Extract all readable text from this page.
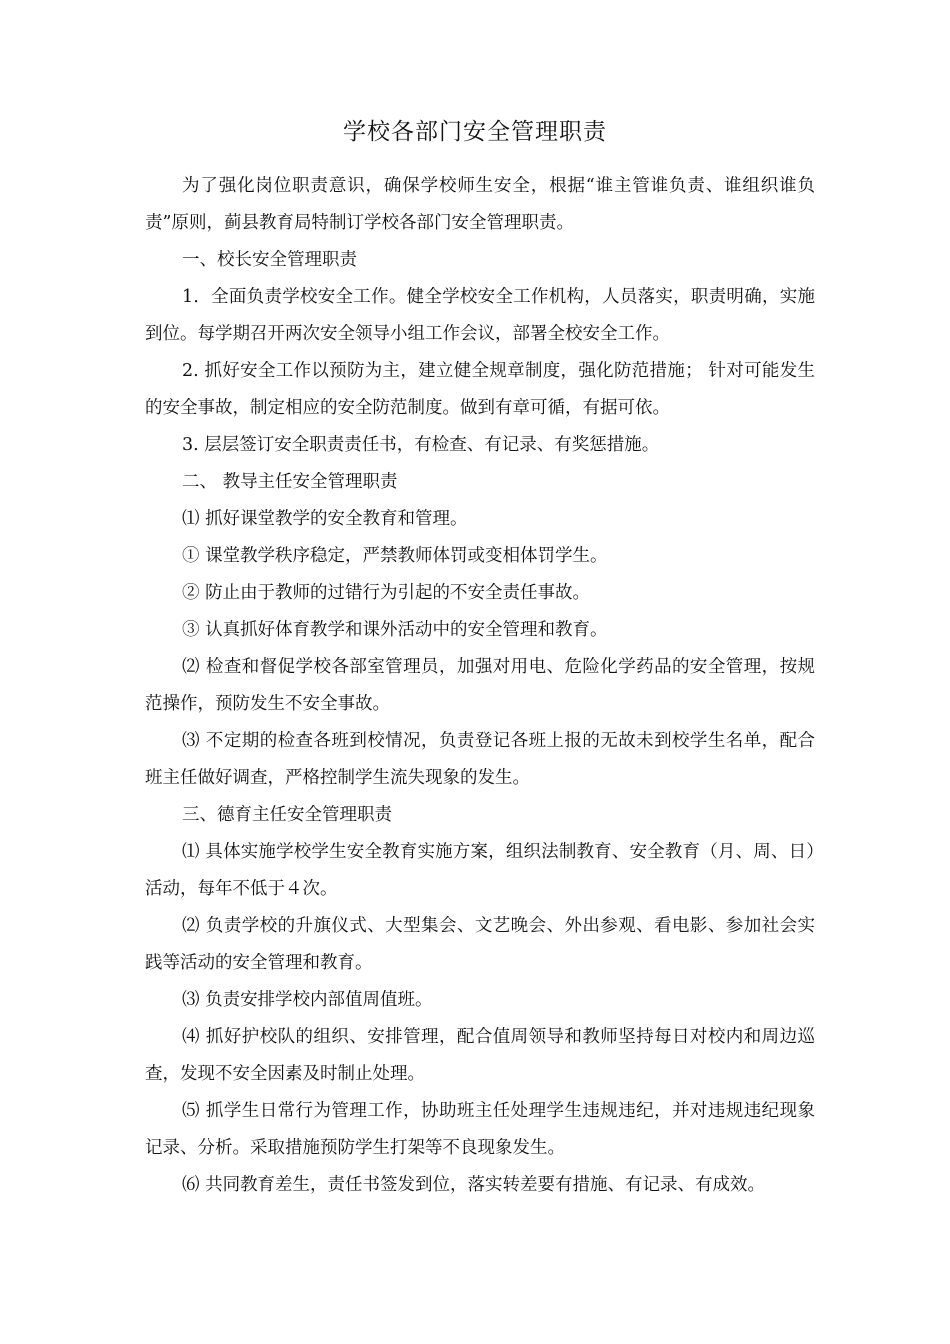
学校各部门安全管理职责

为了强化岗位职责意识，确保学校师生安全，根据“谁主管谁负责、谁组织谁负责”原则，蓟县教育局特制订学校各部门安全管理职责。

一、校长安全管理职责

1．全面负责学校安全工作。健全学校安全工作机构，人员落实，职责明确，实施到位。每学期召开两次安全领导小组工作会议，部署全校安全工作。

2. 抓好安全工作以预防为主，建立健全规章制度，强化防范措施； 针对可能发生的安全事故，制定相应的安全防范制度。做到有章可循，有据可依。

3. 层层签订安全职责责任书，有检查、有记录、有奖惩措施。

二、 教导主任安全管理职责

⑴ 抓好课堂教学的安全教育和管理。

① 课堂教学秩序稳定，严禁教师体罚或变相体罚学生。

② 防止由于教师的过错行为引起的不安全责任事故。

③ 认真抓好体育教学和课外活动中的安全管理和教育。

⑵ 检查和督促学校各部室管理员，加强对用电、危险化学药品的安全管理，按规范操作，预防发生不安全事故。

⑶ 不定期的检查各班到校情况，负责登记各班上报的无故未到校学生名单，配合班主任做好调查，严格控制学生流失现象的发生。

三、德育主任安全管理职责

⑴ 具体实施学校学生安全教育实施方案，组织法制教育、安全教育（月、周、日）活动，每年不低于４次。

⑵ 负责学校的升旗仪式、大型集会、文艺晚会、外出参观、看电影、参加社会实践等活动的安全管理和教育。

⑶ 负责安排学校内部值周值班。

⑷ 抓好护校队的组织、安排管理，配合值周领导和教师坚持每日对校内和周边巡查，发现不安全因素及时制止处理。

⑸ 抓学生日常行为管理工作，协助班主任处理学生违规违纪，并对违规违纪现象记录、分析。采取措施预防学生打架等不良现象发生。

⑹ 共同教育差生，责任书签发到位，落实转差要有措施、有记录、有成效。
